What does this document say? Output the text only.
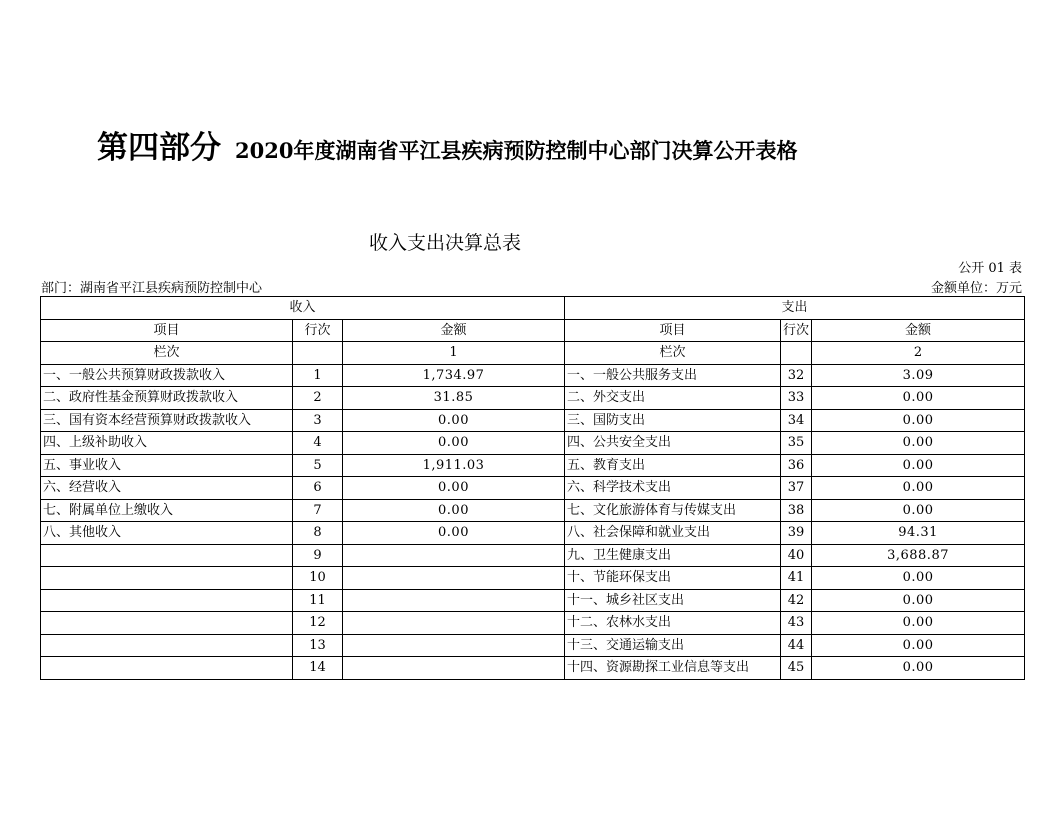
第四部分 2020年度湖南省平江县疾病预防控制中心部门决算公开表格
收入支出决算总表
公开 01 表
部门：湖南省平江县疾病预防控制中心	金额单位：万元
收入			支出		
项目	行次	金额	项目	行次	金额
栏次		1	栏次		2
一、一般公共预算财政拨款收入	1	1,734.97	一、一般公共服务支出	32	3.09
二、政府性基金预算财政拨款收入	2	31.85	二、外交支出	33	0.00
三、国有资本经营预算财政拨款收入	3	0.00	三、国防支出	34	0.00
四、上级补助收入	4	0.00	四、公共安全支出	35	0.00
五、事业收入	5	1,911.03	五、教育支出	36	0.00
六、经营收入	6	0.00	六、科学技术支出	37	0.00
七、附属单位上缴收入	7	0.00	七、文化旅游体育与传媒支出	38	0.00
八、其他收入	8	0.00	八、社会保障和就业支出	39	94.31
	9		九、卫生健康支出	40	3,688.87
	10		十、节能环保支出	41	0.00
	11		十一、城乡社区支出	42	0.00
	12		十二、农林水支出	43	0.00
	13		十三、交通运输支出	44	0.00
	14		十四、资源勘探工业信息等支出	45	0.00
